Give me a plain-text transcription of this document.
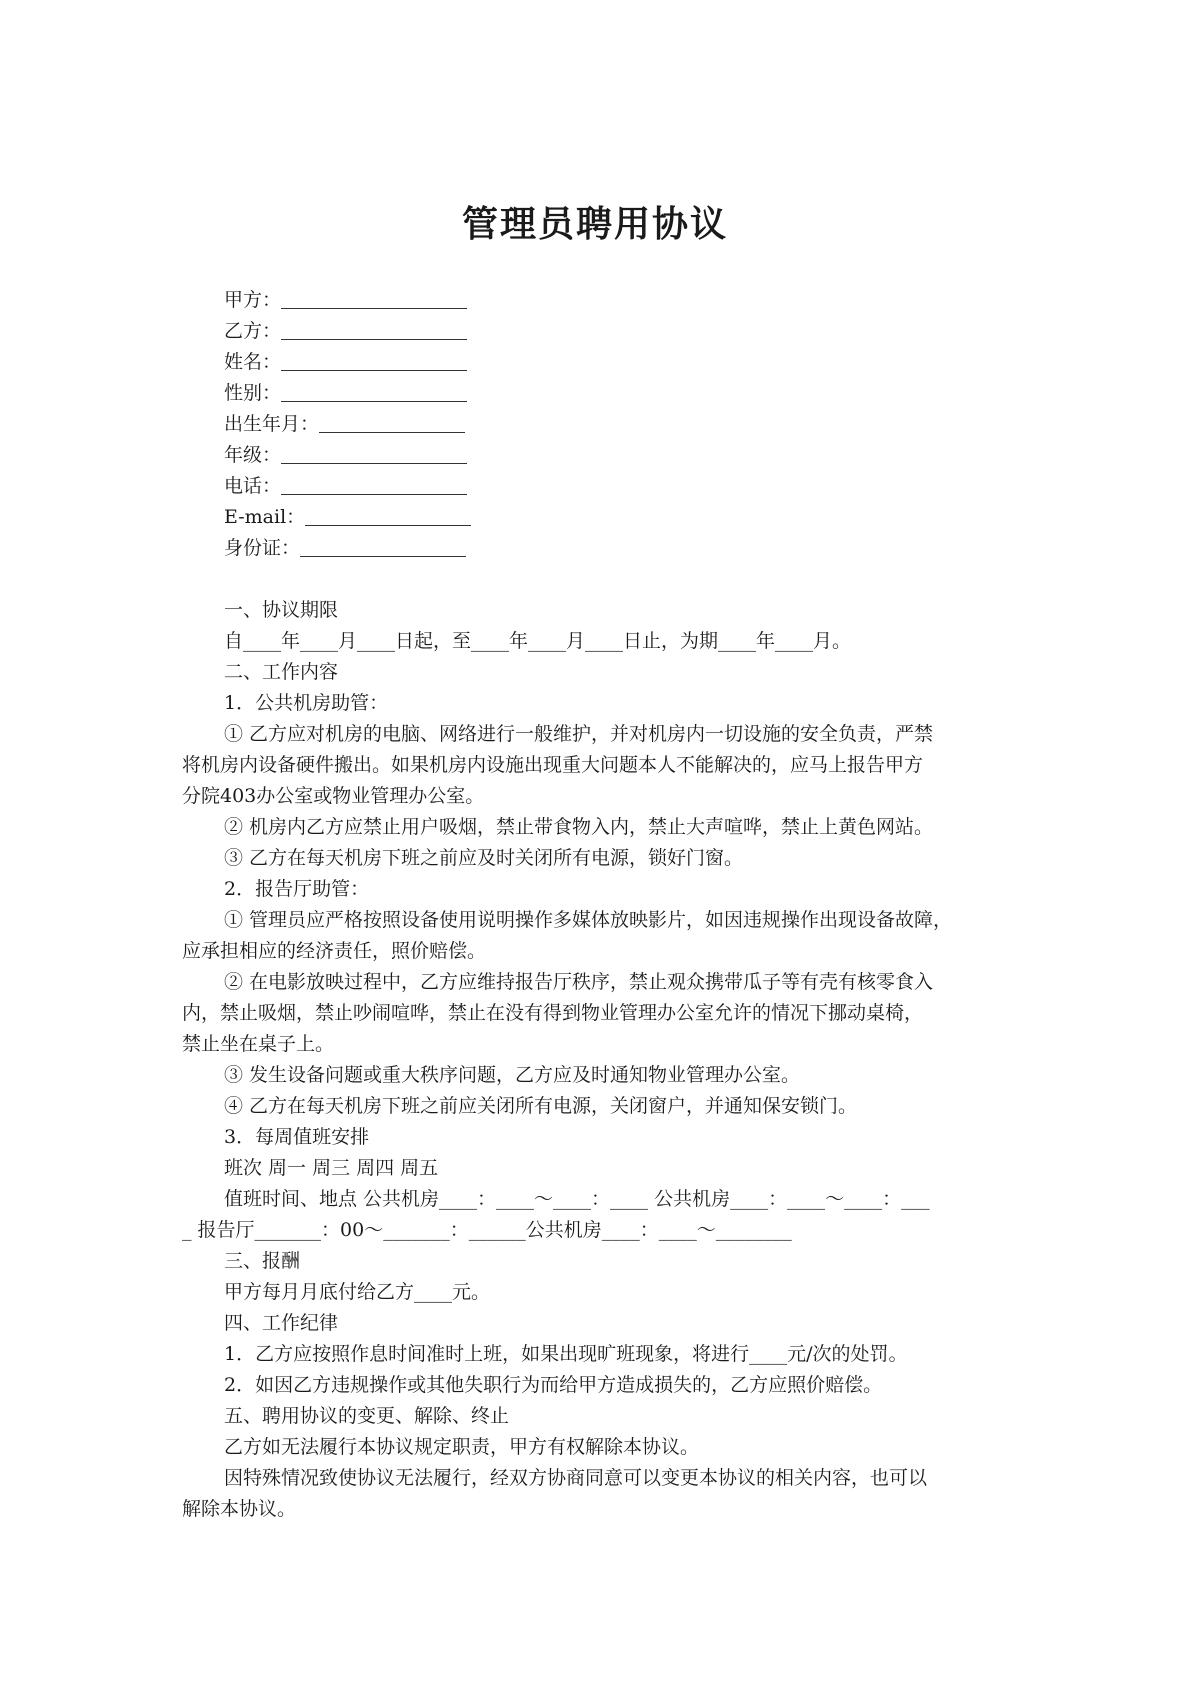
管理员聘用协议
甲方：
乙方：
姓名：
性别：
出生年月：
年级：
电话：
E-mail：
身份证：

一、协议期限

自____年____月____日起，至____年____月____日止，为期____年____月。

二、工作内容

1．公共机房助管：

① 乙方应对机房的电脑、网络进行一般维护，并对机房内一切设施的安全负责，严禁

将机房内设备硬件搬出。如果机房内设施出现重大问题本人不能解决的，应马上报告甲方

分院403办公室或物业管理办公室。

② 机房内乙方应禁止用户吸烟，禁止带食物入内，禁止大声喧哗，禁止上黄色网站。

③ 乙方在每天机房下班之前应及时关闭所有电源，锁好门窗。

2．报告厅助管：

① 管理员应严格按照设备使用说明操作多媒体放映影片，如因违规操作出现设备故障，

应承担相应的经济责任，照价赔偿。

② 在电影放映过程中，乙方应维持报告厅秩序，禁止观众携带瓜子等有壳有核零食入

内，禁止吸烟，禁止吵闹喧哗，禁止在没有得到物业管理办公室允许的情况下挪动桌椅，

禁止坐在桌子上。

③ 发生设备问题或重大秩序问题，乙方应及时通知物业管理办公室。

④ 乙方在每天机房下班之前应关闭所有电源，关闭窗户，并通知保安锁门。

3．每周值班安排

班次 周一 周三 周四 周五

值班时间、地点 公共机房____：____～____：____ 公共机房____：____～____：___

_ 报告厅_______：00～_______：______公共机房____：____～________

三、报酬

甲方每月月底付给乙方____元。

四、工作纪律

1．乙方应按照作息时间准时上班，如果出现旷班现象，将进行____元/次的处罚。

2．如因乙方违规操作或其他失职行为而给甲方造成损失的，乙方应照价赔偿。

五、聘用协议的变更、解除、终止

乙方如无法履行本协议规定职责，甲方有权解除本协议。

因特殊情况致使协议无法履行，经双方协商同意可以变更本协议的相关内容，也可以

解除本协议。
